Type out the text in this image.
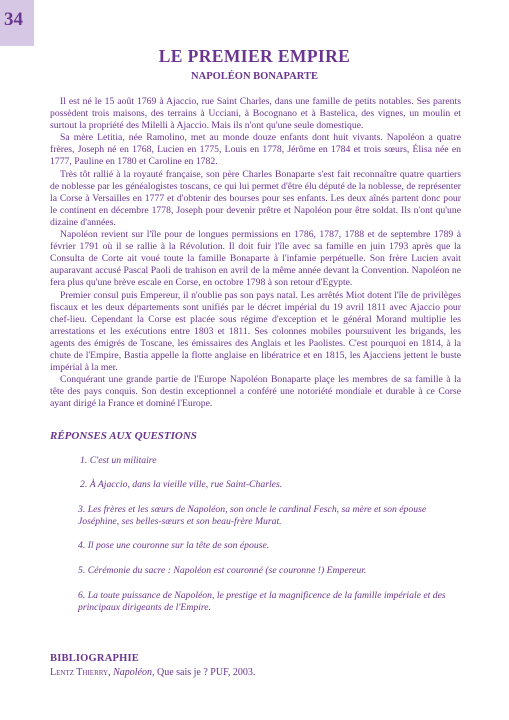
34
LE PREMIER EMPIRE
NAPOLÉON BONAPARTE

Il est né le 15 août 1769 à Ajaccio, rue Saint Charles, dans une famille de petits notables. Ses parents possèdent trois maisons, des terrains à Ucciani, à Bocognano et à Bastelica, des vignes, un moulin et surtout la propriété des Milelli à Ajaccio. Mais ils n'ont qu'une seule domestique.

Sa mère Letitia, née Ramolino, met au monde douze enfants dont huit vivants. Napoléon a quatre frères, Joseph né en 1768, Lucien en 1775, Louis en 1778, Jérôme en 1784 et trois sœurs, Élisa née en 1777, Pauline en 1780 et Caroline en 1782.

Très tôt rallié à la royauté française, son père Charles Bonaparte s'est fait reconnaître quatre quartiers de noblesse par les généalogistes toscans, ce qui lui permet d'être élu député de la noblesse, de représenter la Corse à Versailles en 1777 et d'obtenir des bourses pour ses enfants. Les deux aînés partent donc pour le continent en décembre 1778, Joseph pour devenir prêtre et Napoléon pour être soldat. Ils n'ont qu'une dizaine d'années.

Napoléon revient sur l'île pour de longues permissions en 1786, 1787, 1788 et de septembre 1789 à février 1791 où il se rallie à la Révolution. Il doit fuir l'île avec sa famille en juin 1793 après que la Consulta de Corte ait voué toute la famille Bonaparte à l'infamie perpétuelle. Son frère Lucien avait auparavant accusé Pascal Paoli de trahison en avril de la même année devant la Convention. Napoléon ne fera plus qu'une brève escale en Corse, en octobre 1798 à son retour d'Egypte.

Premier consul puis Empereur, il n'oublie pas son pays natal. Les arrêtés Miot dotent l'île de privilèges fiscaux et les deux départements sont unifiés par le décret impérial du 19 avril 1811 avec Ajaccio pour chef-lieu. Cependant la Corse est placée sous régime d'exception et le général Morand multiplie les arrestations et les exécutions entre 1803 et 1811. Ses colonnes mobiles poursuivent les brigands, les agents des émigrés de Toscane, les émissaires des Anglais et les Paolistes. C'est pourquoi en 1814, à la chute de l'Empire, Bastia appelle la flotte anglaise en libératrice et en 1815, les Ajacciens jettent le buste impérial à la mer.

Conquérant une grande partie de l'Europe Napoléon Bonaparte plaçe les membres de sa famille à la tête des pays conquis. Son destin exceptionnel a conféré une notoriété mondiale et durable à ce Corse ayant dirigé la France et dominé l'Europe.

RÉPONSES AUX QUESTIONS
1. C'est un militaire
2. À Ajaccio, dans la vieille ville, rue Saint-Charles.
3. Les frères et les sœurs de Napoléon, son oncle le cardinal Fesch, sa mère et son épouse Joséphine, ses belles-sœurs et son beau-frère Murat.
4. Il pose une couronne sur la tête de son épouse.
5. Cérémonie du sacre : Napoléon est couronné (se couronne !) Empereur.
6. La toute puissance de Napoléon, le prestige et la magnificence de la famille impériale et des principaux dirigeants de l'Empire.
BIBLIOGRAPHIE
Lentz Thierry, Napoléon, Que sais je ? PUF, 2003.
